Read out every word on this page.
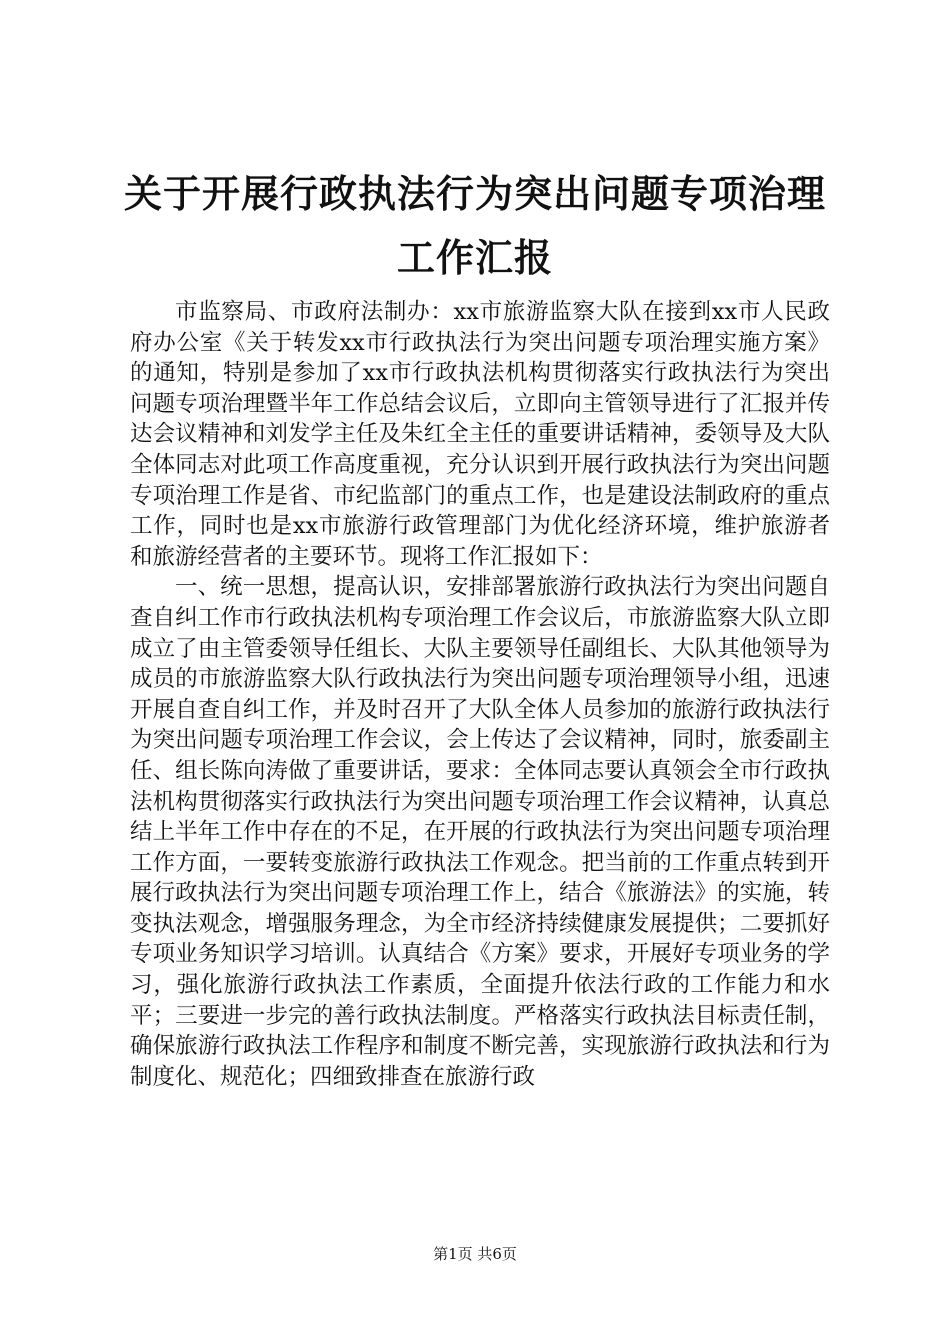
关于开展行政执法行为突出问题专项治理工作汇报

市监察局、市政府法制办：xx市旅游监察大队在接到xx市人民政府办公室《关于转发xx市行政执法行为突出问题专项治理实施方案》的通知，特别是参加了xx市行政执法机构贯彻落实行政执法行为突出问题专项治理暨半年工作总结会议后，立即向主管领导进行了汇报并传达会议精神和刘发学主任及朱红全主任的重要讲话精神，委领导及大队全体同志对此项工作高度重视，充分认识到开展行政执法行为突出问题专项治理工作是省、市纪监部门的重点工作，也是建设法制政府的重点工作，同时也是xx市旅游行政管理部门为优化经济环境，维护旅游者和旅游经营者的主要环节。现将工作汇报如下：

一、统一思想，提高认识，安排部署旅游行政执法行为突出问题自查自纠工作市行政执法机构专项治理工作会议后，市旅游监察大队立即成立了由主管委领导任组长、大队主要领导任副组长、大队其他领导为成员的市旅游监察大队行政执法行为突出问题专项治理领导小组，迅速开展自查自纠工作，并及时召开了大队全体人员参加的旅游行政执法行为突出问题专项治理工作会议，会上传达了会议精神，同时，旅委副主任、组长陈向涛做了重要讲话，要求：全体同志要认真领会全市行政执法机构贯彻落实行政执法行为突出问题专项治理工作会议精神，认真总结上半年工作中存在的不足，在开展的行政执法行为突出问题专项治理工作方面，一要转变旅游行政执法工作观念。把当前的工作重点转到开展行政执法行为突出问题专项治理工作上，结合《旅游法》的实施，转变执法观念，增强服务理念，为全市经济持续健康发展提供；二要抓好专项业务知识学习培训。认真结合《方案》要求，开展好专项业务的学习，强化旅游行政执法工作素质，全面提升依法行政的工作能力和水平；三要进一步完的善行政执法制度。严格落实行政执法目标责任制，确保旅游行政执法工作程序和制度不断完善，实现旅游行政执法和行为制度化、规范化；四细致排查在旅游行政

第1页 共6页
